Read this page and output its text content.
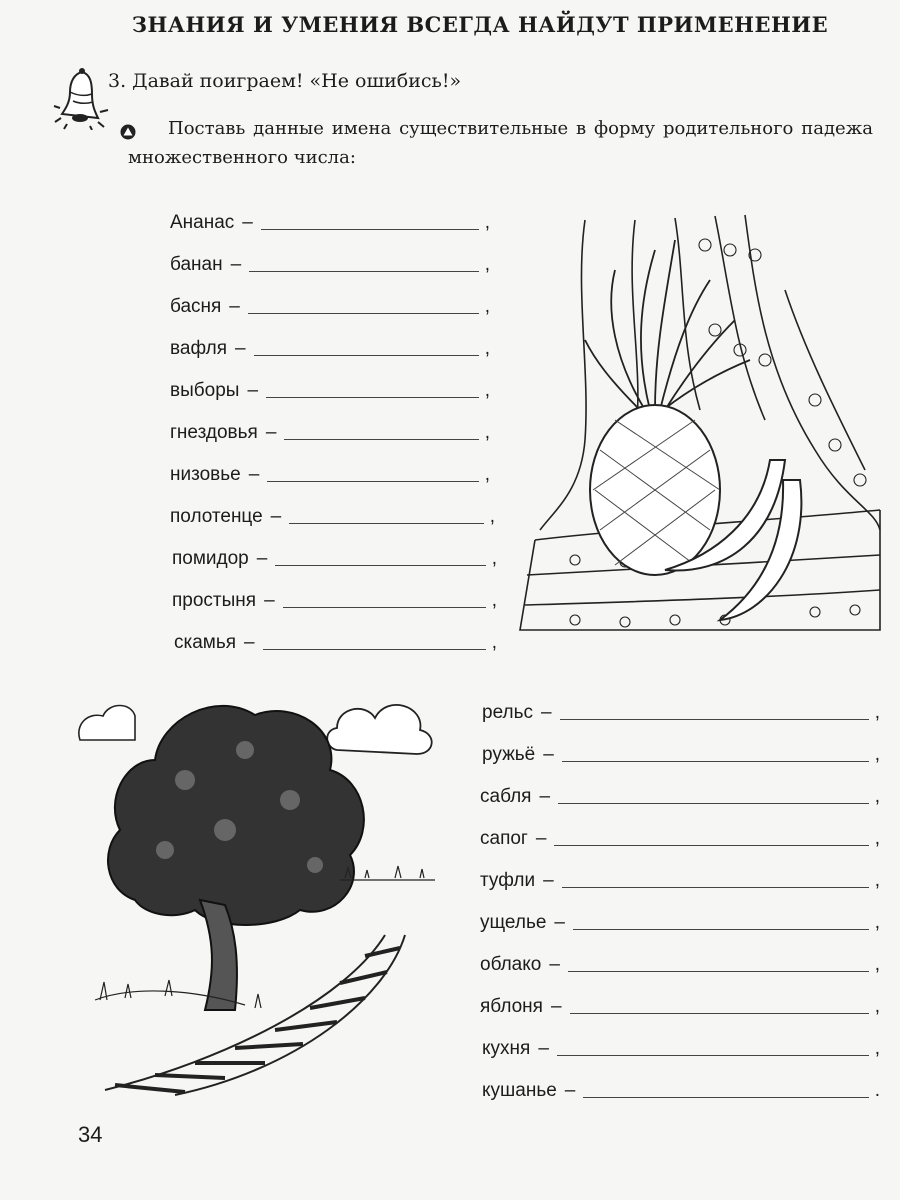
ЗНАНИЯ И УМЕНИЯ ВСЕГДА НАЙДУТ ПРИМЕНЕНИЕ
3. Давай поиграем! «Не ошибись!»
Поставь данные имена существительные в форму родительного падежа множественного числа:
Ананас –	,
банан –	,
басня –	,
вафля –	,
выборы –	,
гнездовья –	,
низовье –	,
полотенце –	,
помидор –	,
простыня –	,
скамья –	,
рельс –	,
ружьё –	,
сабля –	,
сапог –	,
туфли –	,
ущелье –	,
облако –	,
яблоня –	,
кухня –	,
кушанье –	.
34
